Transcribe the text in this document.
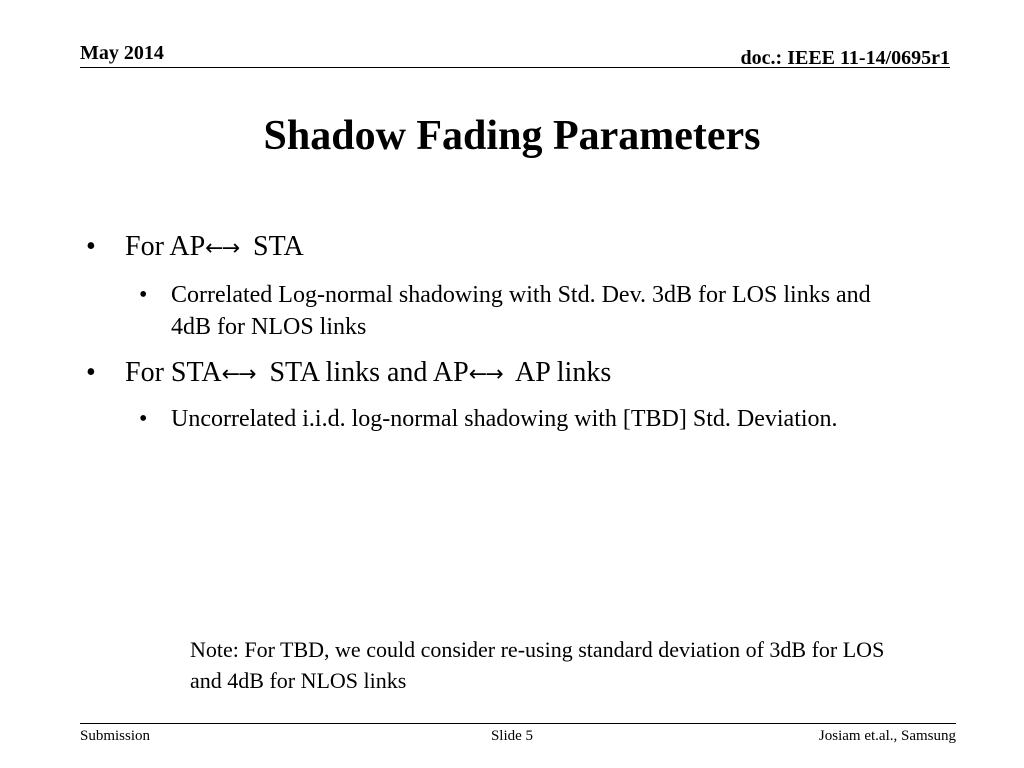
May 2014	doc.: IEEE 11-14/0695r1
Shadow Fading Parameters
• For AP←→ STA
• Correlated Log-normal shadowing with Std. Dev. 3dB for LOS links and 4dB for NLOS links
• For STA←→ STA links and AP←→ AP links
• Uncorrelated i.i.d. log-normal shadowing with [TBD] Std. Deviation.
Note: For TBD, we could consider re-using standard deviation of 3dB for LOS and 4dB for NLOS links
Submission	Slide 5	Josiam et.al., Samsung
